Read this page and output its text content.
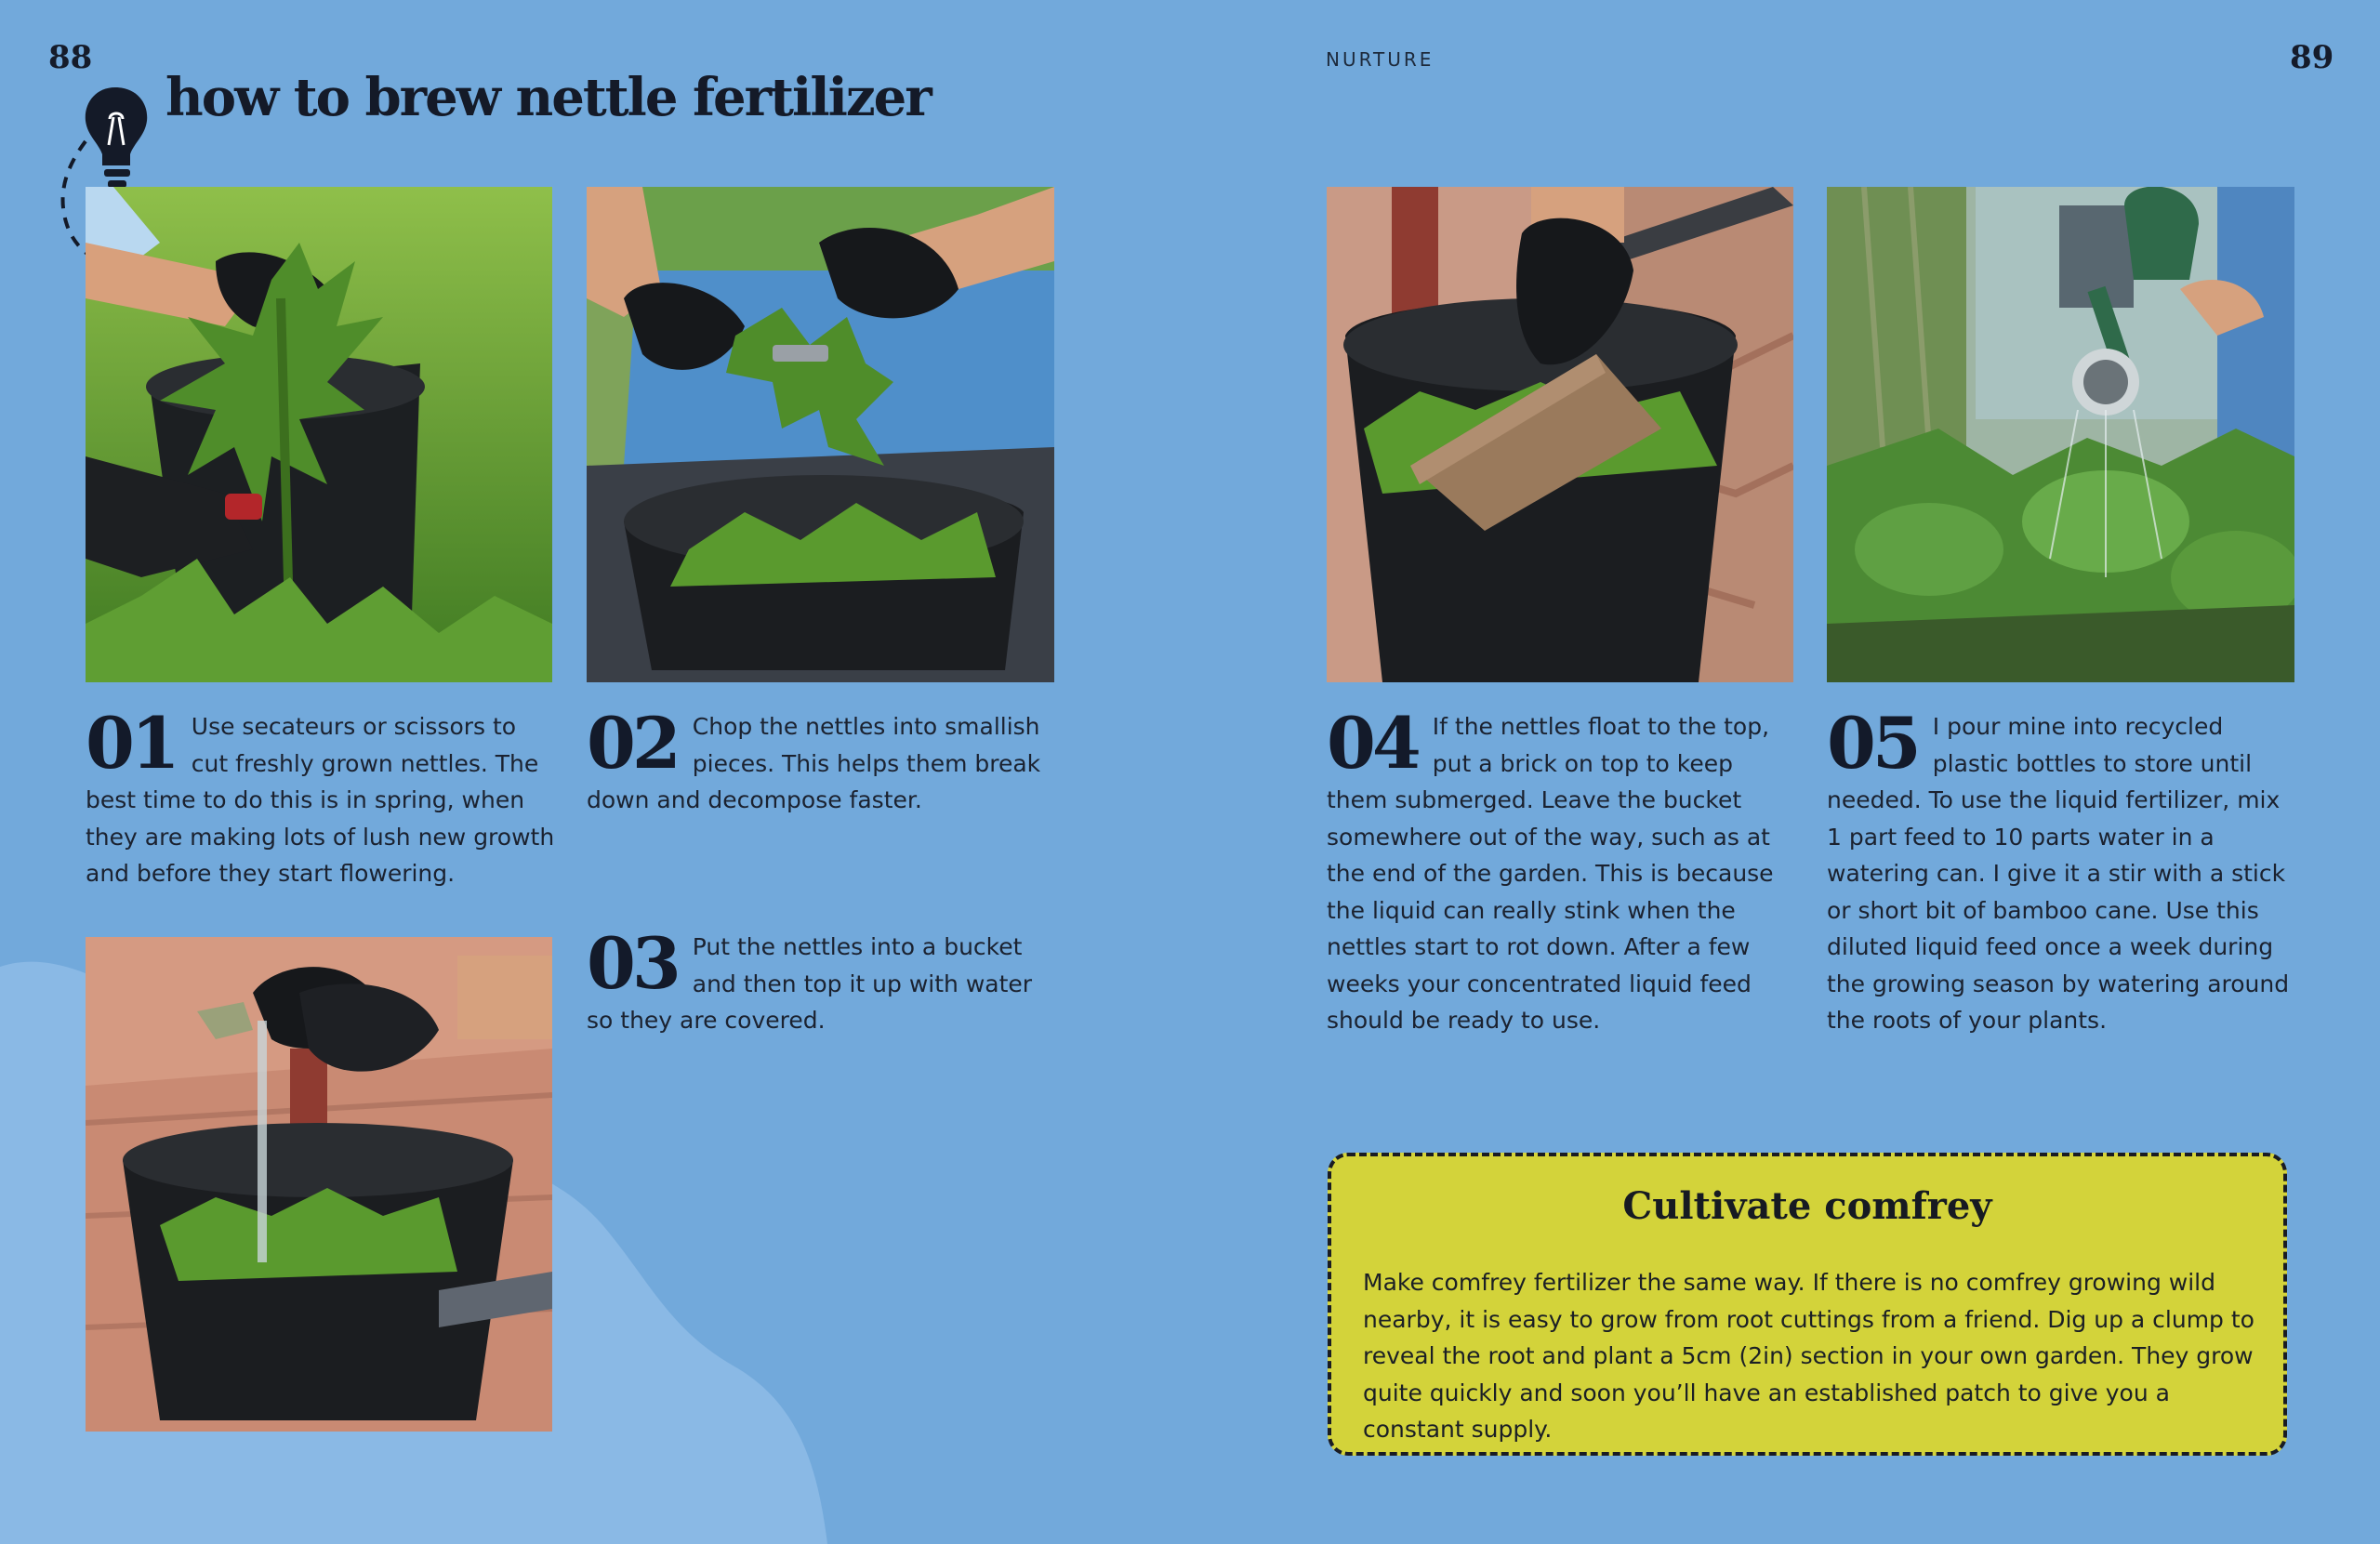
88	NURTURE	89
how to brew nettle fertilizer
01 Use secateurs or scissors to cut freshly grown nettles. The best time to do this is in spring, when they are making lots of lush new growth and before they start flowering.
02 Chop the nettles into smallish pieces. This helps them break down and decompose faster.
03 Put the nettles into a bucket and then top it up with water so they are covered.
04 If the nettles float to the top, put a brick on top to keep them submerged. Leave the bucket somewhere out of the way, such as at the end of the garden. This is because the liquid can really stink when the nettles start to rot down. After a few weeks your concentrated liquid feed should be ready to use.
05 I pour mine into recycled plastic bottles to store until needed. To use the liquid fertilizer, mix 1 part feed to 10 parts water in a watering can. I give it a stir with a stick or short bit of bamboo cane. Use this diluted liquid feed once a week during the growing season by watering around the roots of your plants.
Cultivate comfrey

Make comfrey fertilizer the same way. If there is no comfrey growing wild nearby, it is easy to grow from root cuttings from a friend. Dig up a clump to reveal the root and plant a 5cm (2in) section in your own garden. They grow quite quickly and soon you’ll have an established patch to give you a constant supply.
